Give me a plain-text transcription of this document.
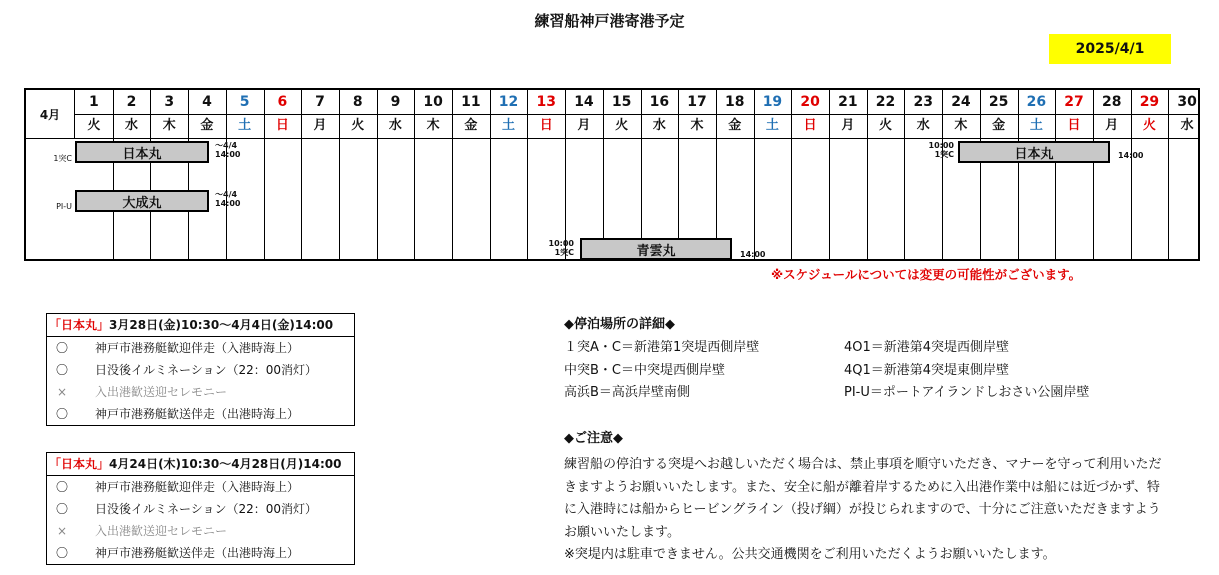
練習船神戸港寄港予定
2025/4/1
4月
1
火
2
水
3
木
4
金
5
土
6
日
7
月
8
火
9
水
10
木
11
金
12
土
13
日
14
月
15
火
16
水
17
木
18
金
19
土
20
日
21
月
22
火
23
水
24
木
25
金
26
土
27
日
28
月
29
火
30
水
1突C
PI-U
日本丸
大成丸
日本丸
青雲丸
～4/4
14:00
～4/4
14:00
10:00
1突C	14:00
10:00
1突C	14:00
※スケジュールについては変更の可能性がございます。
「日本丸」3月28日(金)10:30～4月4日(金)14:00
〇 神戸市港務艇歓迎伴走（入港時海上）
〇 日没後イルミネーション（22：00消灯）
× 入出港歓送迎セレモニー
〇 神戸市港務艇歓送伴走（出港時海上）
「日本丸」4月24日(木)10:30～4月28日(月)14:00
〇 神戸市港務艇歓迎伴走（入港時海上）
〇 日没後イルミネーション（22：00消灯）
× 入出港歓送迎セレモニー
〇 神戸市港務艇歓送伴走（出港時海上）
◆停泊場所の詳細◆
１突A・C＝新港第1突堤西側岸壁
中突B・C＝中突堤西側岸壁
高浜B＝高浜岸壁南側
4O1＝新港第4突堤西側岸壁
4Q1＝新港第4突堤東側岸壁
PI-U＝ポートアイランドしおさい公園岸壁
◆ご注意◆
練習船の停泊する突堤へお越しいただく場合は、禁止事項を順守いただき、マナーを守って利用いただ
きますようお願いいたします。また、安全に船が離着岸するために入出港作業中は船には近づかず、特
に入港時には船からヒービングライン（投げ綱）が投じられますので、十分にご注意いただきますよう
お願いいたします。
※突堤内は駐車できません。公共交通機関をご利用いただくようお願いいたします。
